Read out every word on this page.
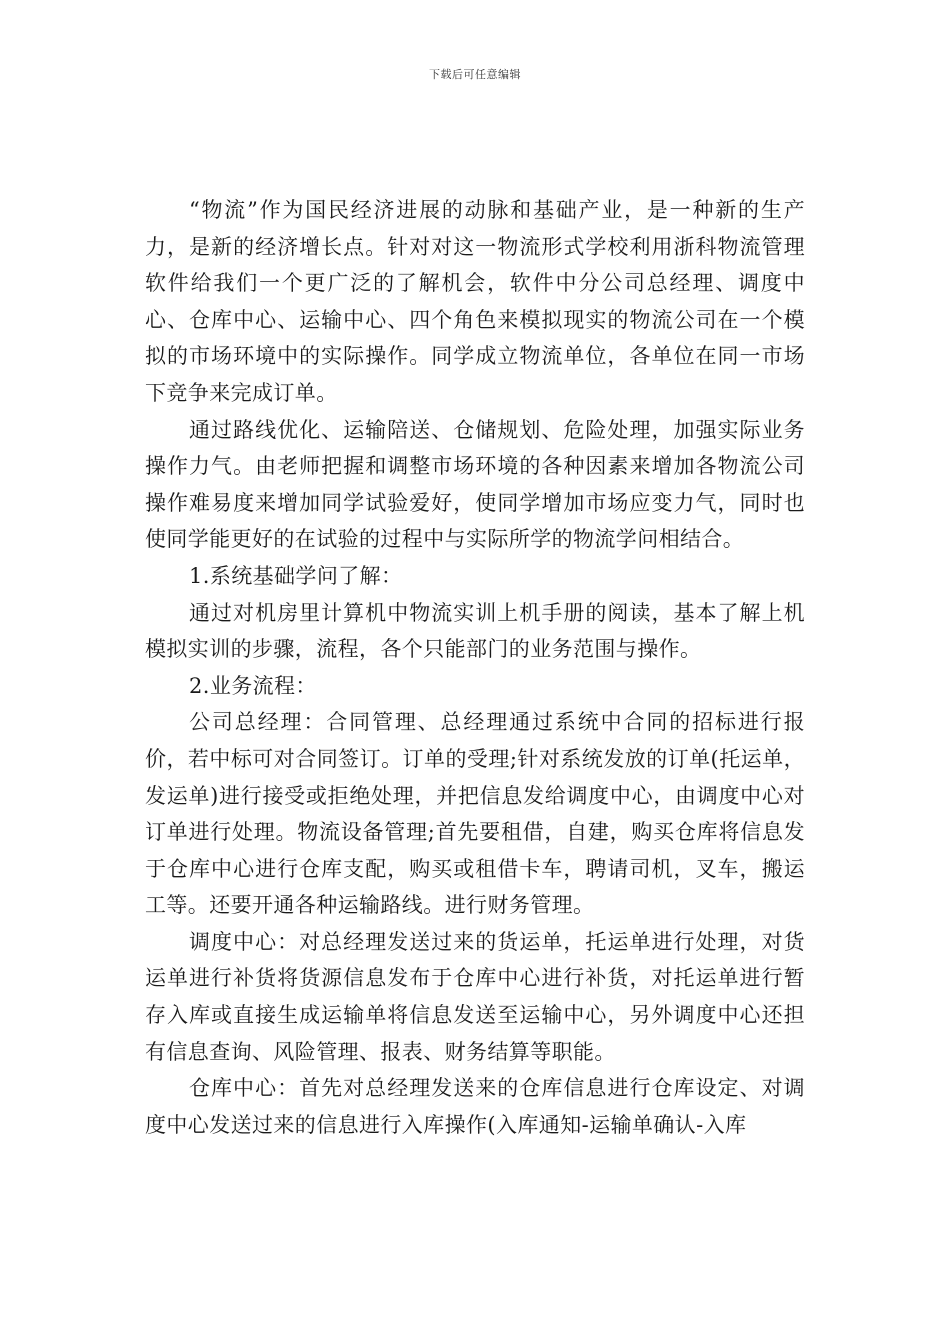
下载后可任意编辑

“物流”作为国民经济进展的动脉和基础产业，是一种新的生产力，是新的经济增长点。针对对这一物流形式学校利用浙科物流管理软件给我们一个更广泛的了解机会，软件中分公司总经理、调度中心、仓库中心、运输中心、四个角色来模拟现实的物流公司在一个模拟的市场环境中的实际操作。同学成立物流单位，各单位在同一市场下竞争来完成订单。

通过路线优化、运输陪送、仓储规划、危险处理，加强实际业务操作力气。由老师把握和调整市场环境的各种因素来增加各物流公司操作难易度来增加同学试验爱好，使同学增加市场应变力气，同时也使同学能更好的在试验的过程中与实际所学的物流学问相结合。

1.系统基础学问了解：

通过对机房里计算机中物流实训上机手册的阅读，基本了解上机模拟实训的步骤，流程，各个只能部门的业务范围与操作。

2.业务流程：

公司总经理：合同管理、总经理通过系统中合同的招标进行报价，若中标可对合同签订。订单的受理;针对系统发放的订单(托运单，发运单)进行接受或拒绝处理，并把信息发给调度中心，由调度中心对订单进行处理。物流设备管理;首先要租借，自建，购买仓库将信息发于仓库中心进行仓库支配，购买或租借卡车，聘请司机，叉车，搬运工等。还要开通各种运输路线。进行财务管理。

调度中心：对总经理发送过来的货运单，托运单进行处理，对货运单进行补货将货源信息发布于仓库中心进行补货，对托运单进行暂存入库或直接生成运输单将信息发送至运输中心，另外调度中心还担有信息查询、风险管理、报表、财务结算等职能。

仓库中心：首先对总经理发送来的仓库信息进行仓库设定、对调度中心发送过来的信息进行入库操作(入库通知-运输单确认-入库
